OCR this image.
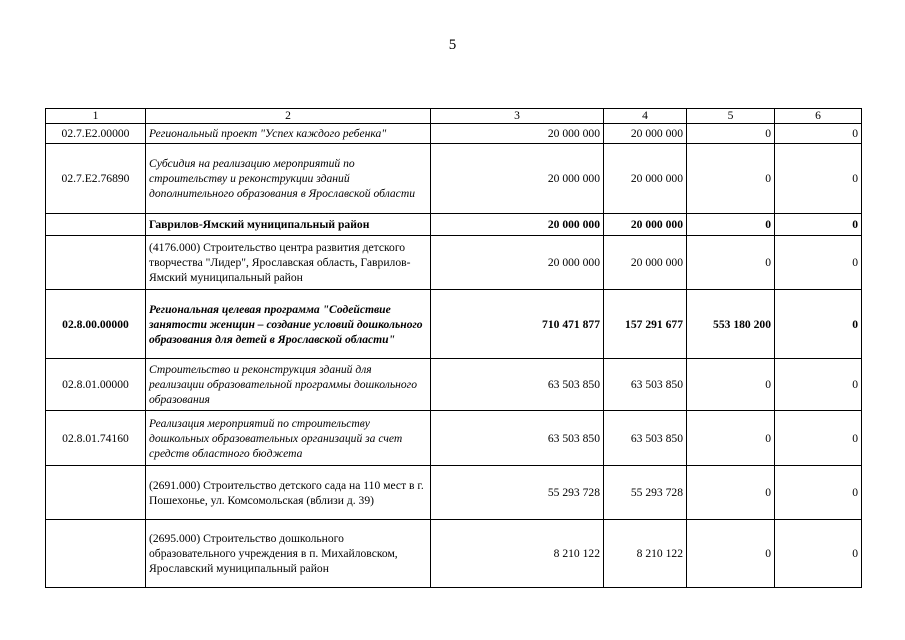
5
1	2	3	4	5	6
02.7.E2.00000	Региональный проект "Успех каждого ребенка"	20 000 000	20 000 000	0	0
02.7.E2.76890	Субсидия на реализацию мероприятий по строительству и реконструкции зданий дополнительного образования в Ярославской области	20 000 000	20 000 000	0	0
	Гаврилов-Ямский муниципальный район	20 000 000	20 000 000	0	0
	(4176.000) Строительство центра развития детского творчества "Лидер", Ярославская область, Гаврилов-Ямский муниципальный район	20 000 000	20 000 000	0	0
02.8.00.00000	Региональная целевая программа "Содействие занятости женщин – создание условий дошкольного образования для детей в Ярославской области"	710 471 877	157 291 677	553 180 200	0
02.8.01.00000	Строительство и реконструкция зданий для реализации образовательной программы дошкольного образования	63 503 850	63 503 850	0	0
02.8.01.74160	Реализация мероприятий по строительству дошкольных образовательных организаций за счет средств областного бюджета	63 503 850	63 503 850	0	0
	(2691.000) Строительство детского сада на 110 мест в г. Пошехонье, ул. Комсомольская (вблизи д. 39)	55 293 728	55 293 728	0	0
	(2695.000) Строительство дошкольного образовательного учреждения в п. Михайловском, Ярославский муниципальный район	8 210 122	8 210 122	0	0
